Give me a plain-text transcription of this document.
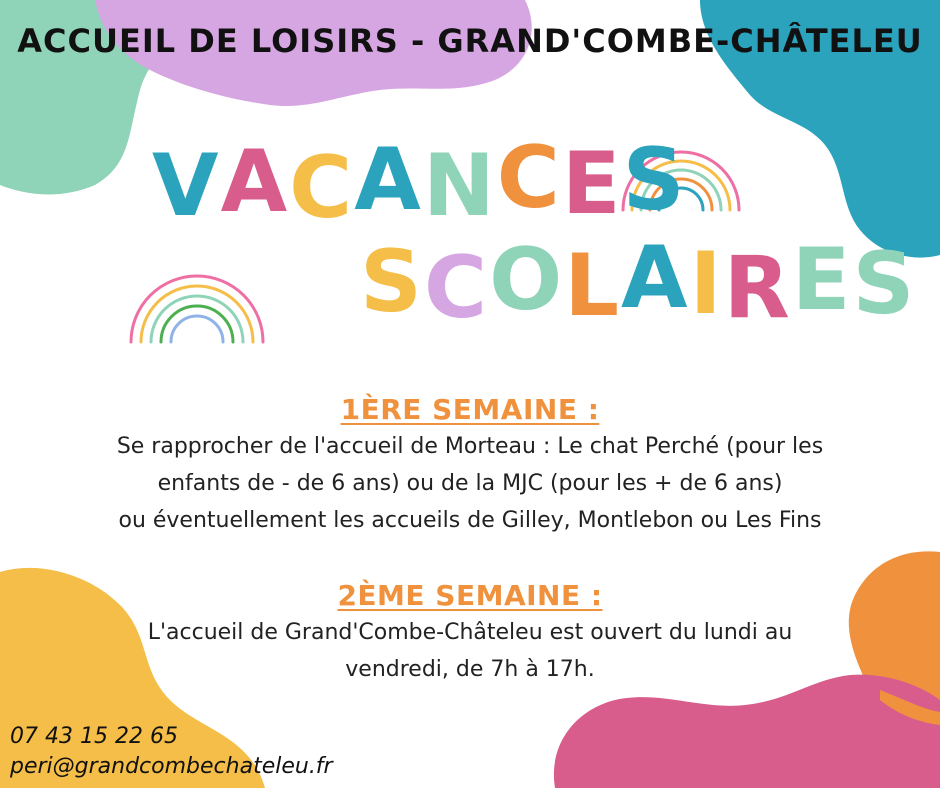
ACCUEIL DE LOISIRS - GRAND'COMBE-CHÂTELEU
VACANCES
SCOLAIRES
1ÈRE SEMAINE :
Se rapprocher de l'accueil de Morteau : Le chat Perché (pour les
enfants de - de 6 ans) ou de la MJC (pour les + de 6 ans)
ou éventuellement les accueils de Gilley, Montlebon ou Les Fins
2ÈME SEMAINE :
L'accueil de Grand'Combe-Châteleu est ouvert du lundi au
vendredi, de 7h à 17h.
07 43 15 22 65
peri@grandcombechateleu.fr
